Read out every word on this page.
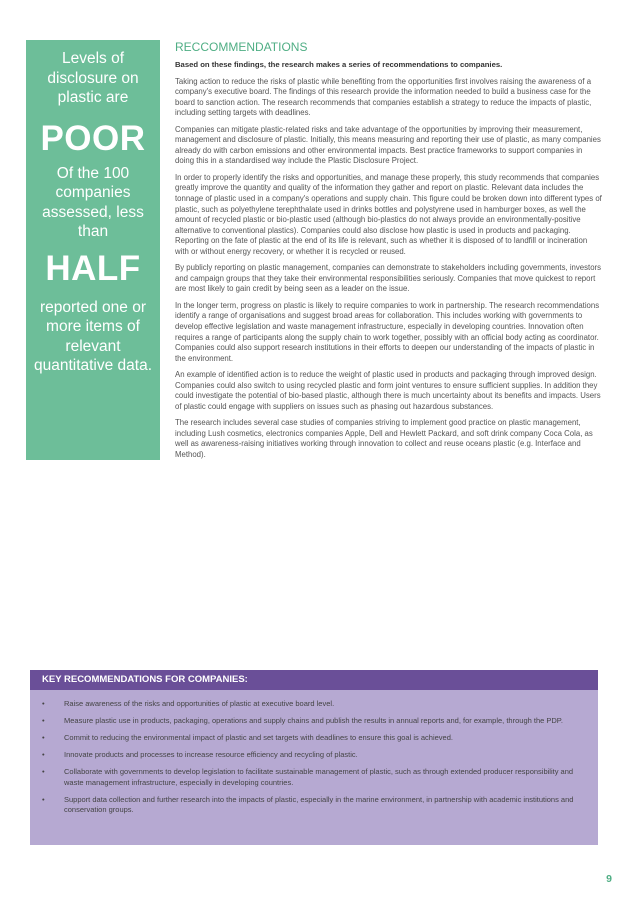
Levels of disclosure on plastic are
POOR
Of the 100 companies assessed, less than
HALF
reported one or more items of relevant quantitative data.
RECCOMMENDATIONS

Based on these findings, the research makes a series of recommendations to companies.

Taking action to reduce the risks of plastic while benefiting from the opportunities first involves raising the awareness of a company's executive board. The findings of this research provide the information needed to build a business case for the board to sanction action. The research recommends that companies establish a strategy to reduce the impacts of plastic, including setting targets with deadlines.

Companies can mitigate plastic-related risks and take advantage of the opportunities by improving their measurement, management and disclosure of plastic. Initially, this means measuring and reporting their use of plastic, as many companies already do with carbon emissions and other environmental impacts. Best practice frameworks to support companies in doing this in a standardised way include the Plastic Disclosure Project.

In order to properly identify the risks and opportunities, and manage these properly, this study recommends that companies greatly improve the quantity and quality of the information they gather and report on plastic. Relevant data includes the tonnage of plastic used in a company's operations and supply chain. This figure could be broken down into different types of plastic, such as polyethylene terephthalate used in drinks bottles and polystyrene used in hamburger boxes, as well the amount of recycled plastic or bio-plastic used (although bio-plastics do not always provide an environmentally-positive alternative to conventional plastics). Companies could also disclose how plastic is used in products and packaging. Reporting on the fate of plastic at the end of its life is relevant, such as whether it is disposed of to landfill or incineration with or without energy recovery, or whether it is recycled or reused.

By publicly reporting on plastic management, companies can demonstrate to stakeholders including governments, investors and campaign groups that they take their environmental responsibilities seriously. Companies that move quickest to report are most likely to gain credit by being seen as a leader on the issue.

In the longer term, progress on plastic is likely to require companies to work in partnership. The research recommendations identify a range of organisations and suggest broad areas for collaboration. This includes working with governments to develop effective legislation and waste management infrastructure, especially in developing countries. Innovation often requires a range of participants along the supply chain to work together, possibly with an official body acting as coordinator. Companies could also support research institutions in their efforts to deepen our understanding of the impacts of plastic in the environment.

An example of identified action is to reduce the weight of plastic used in products and packaging through improved design. Companies could also switch to using recycled plastic and form joint ventures to ensure sufficient supplies. In addition they could investigate the potential of bio-based plastic, although there is much uncertainty about its benefits and impacts. Users of plastic could engage with suppliers on issues such as phasing out hazardous substances.

The research includes several case studies of companies striving to implement good practice on plastic management, including Lush cosmetics, electronics companies Apple, Dell and Hewlett Packard, and soft drink company Coca Cola, as well as awareness-raising initiatives working through innovation to collect and reuse oceans plastic (e.g. Interface and Method).

KEY RECOMMENDATIONS FOR COMPANIES:
•	Raise awareness of the risks and opportunities of plastic at executive board level.
•	Measure plastic use in products, packaging, operations and supply chains and publish the results in annual reports and, for example, through the PDP.
•	Commit to reducing the environmental impact of plastic and set targets with deadlines to ensure this goal is achieved.
•	Innovate products and processes to increase resource efficiency and recycling of plastic.
•	Collaborate with governments to develop legislation to facilitate sustainable management of plastic, such as through extended producer responsibility and waste management infrastructure, especially in developing countries.
•	Support data collection and further research into the impacts of plastic, especially in the marine environment, in partnership with academic institutions and conservation groups.
9
